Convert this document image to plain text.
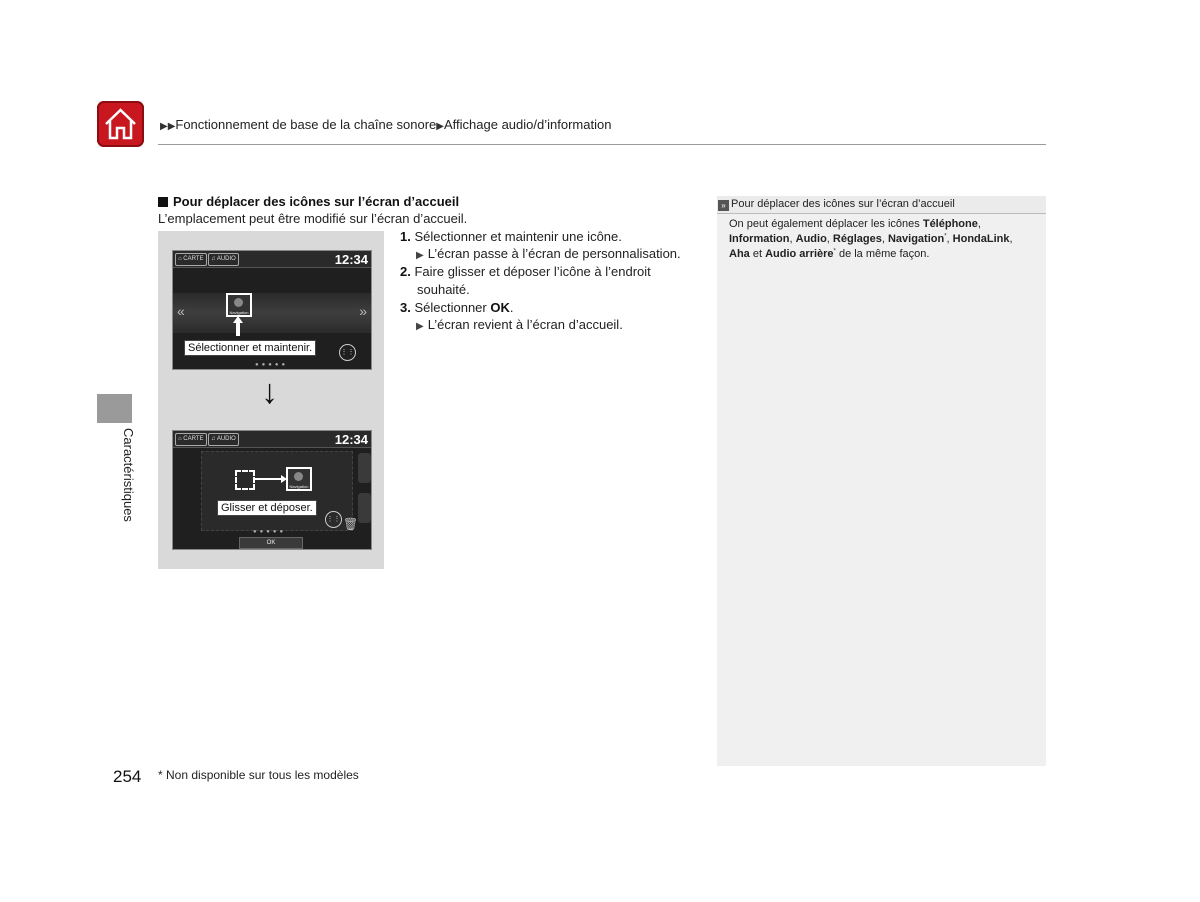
▶▶Fonctionnement de base de la chaîne sonore▶Affichage audio/d’information
Caractéristiques
Pour déplacer des icônes sur l’écran d’accueil
L’emplacement peut être modifié sur l’écran d’accueil.
⌂ CARTE	♫ AUDIO	12:34
«	»
Navigation
Sélectionner et maintenir.	⋮⋮
●●●●●
↓
⌂ CARTE	♫ AUDIO	12:34
Navigation
Glisser et déposer.
⋮⋮ 🗑
●●●●●
OK
1. Sélectionner et maintenir une icône.
▶ L’écran passe à l’écran de personnalisation.
2. Faire glisser et déposer l’icône à l’endroit
souhaité.
3. Sélectionner OK.
▶ L’écran revient à l’écran d’accueil.
» Pour déplacer des icônes sur l’écran d’accueil
On peut également déplacer les icônes Téléphone,
Information, Audio, Réglages, Navigation*, HondaLink,
Aha et Audio arrière* de la même façon.
254 * Non disponible sur tous les modèles
